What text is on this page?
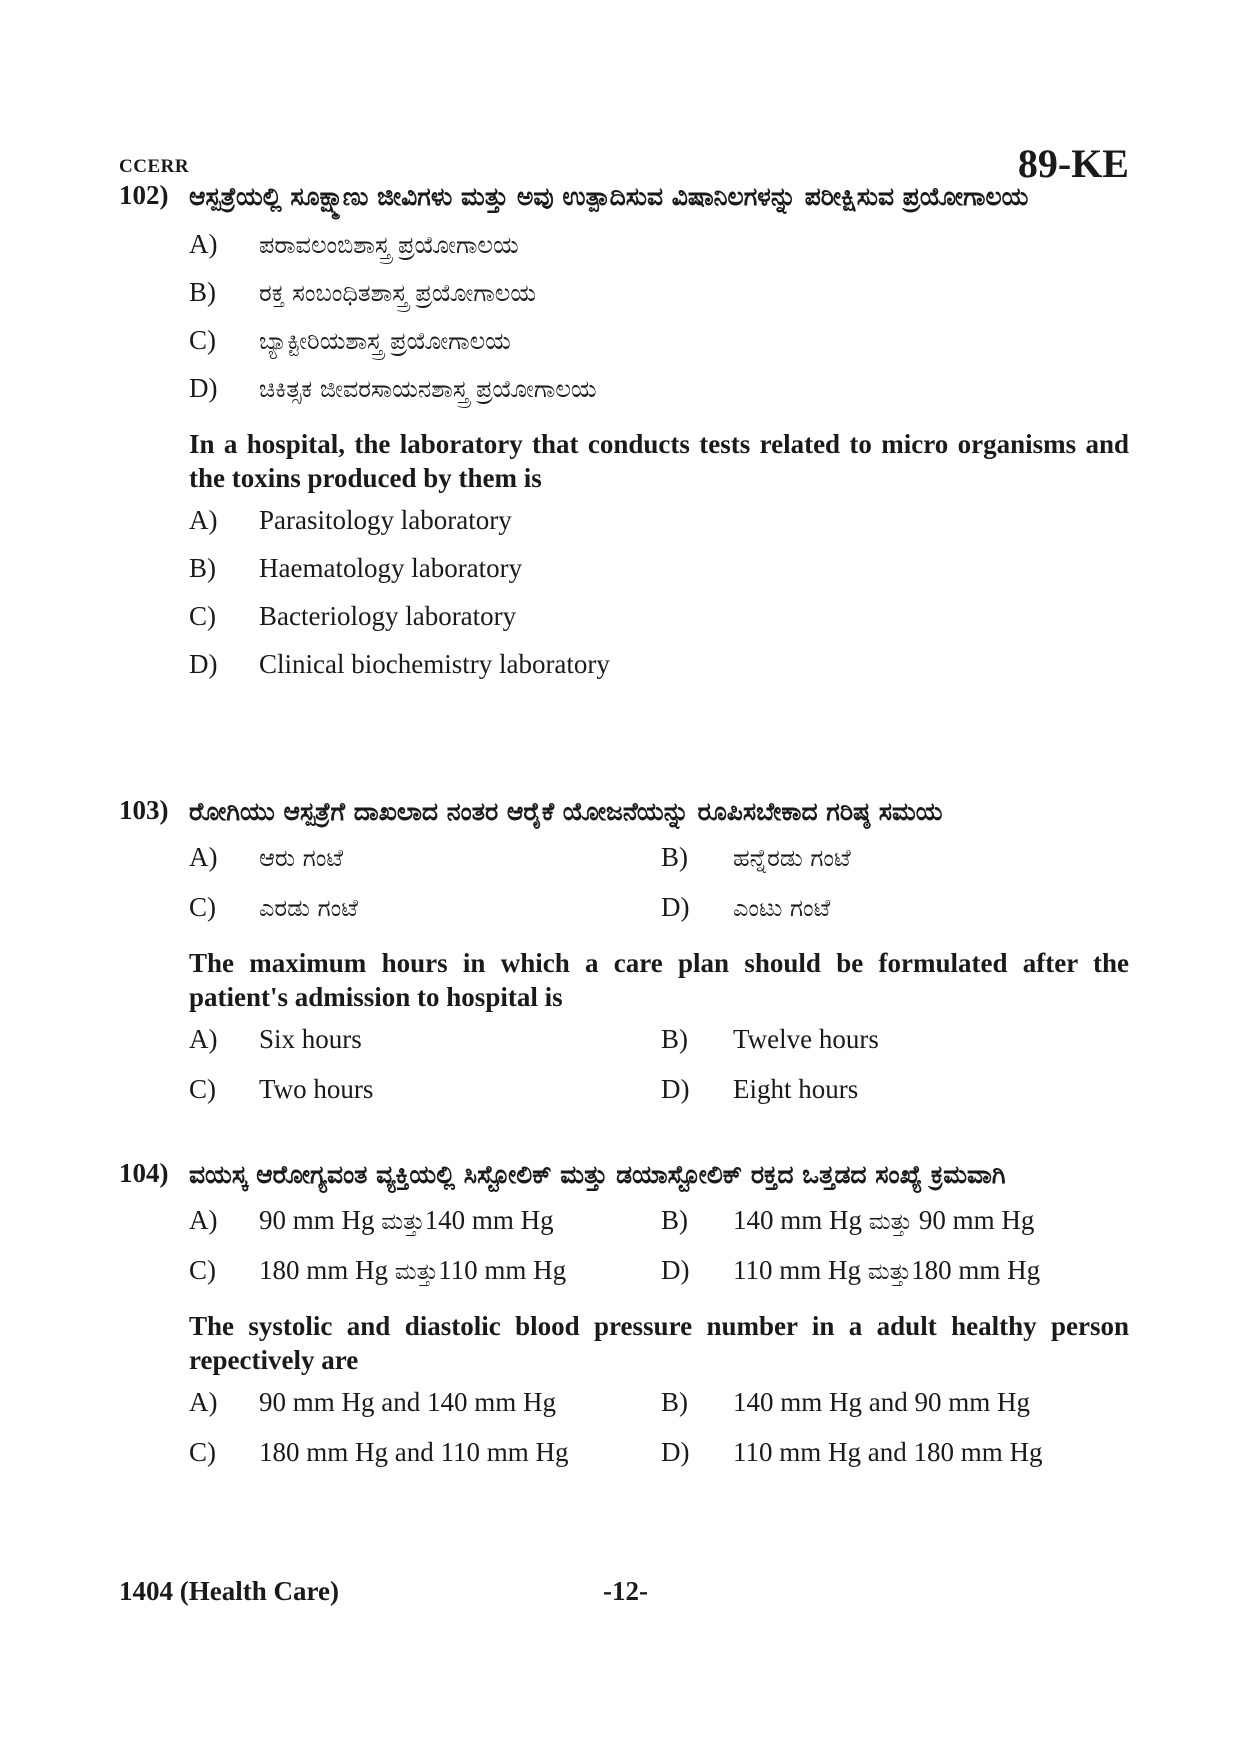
CCERR	89-KE
102) ಆಸ್ಪತ್ರೆಯಲ್ಲಿ ಸೂಕ್ಷ್ಮಾಣು ಜೀವಿಗಳು ಮತ್ತು ಅವು ಉತ್ಪಾದಿಸುವ ವಿಷಾನಿಲಗಳನ್ನು ಪರೀಕ್ಷಿಸುವ ಪ್ರಯೋಗಾಲಯ
A) ಪರಾವಲಂಬಿಶಾಸ್ತ್ರ ಪ್ರಯೋಗಾಲಯ
B) ರಕ್ತ ಸಂಬಂಧಿತಶಾಸ್ತ್ರ ಪ್ರಯೋಗಾಲಯ
C) ಬ್ಯಾಕ್ಟೀರಿಯಶಾಸ್ತ್ರ ಪ್ರಯೋಗಾಲಯ
D) ಚಿಕಿತ್ಸಕ ಜೀವರಸಾಯನಶಾಸ್ತ್ರ ಪ್ರಯೋಗಾಲಯ
In a hospital, the laboratory that conducts tests related to micro organisms and the toxins produced by them is
A) Parasitology laboratory
B) Haematology laboratory
C) Bacteriology laboratory
D) Clinical biochemistry laboratory
103) ರೋಗಿಯು ಆಸ್ಪತ್ರೆಗೆ ದಾಖಲಾದ ನಂತರ ಆರೈಕೆ ಯೋಜನೆಯನ್ನು ರೂಪಿಸಬೇಕಾದ ಗರಿಷ್ಠ ಸಮಯ
A) ಆರು ಗಂಟೆ	B) ಹನ್ನೆರಡು ಗಂಟೆ
C) ಎರಡು ಗಂಟೆ	D) ಎಂಟು ಗಂಟೆ
The maximum hours in which a care plan should be formulated after the patient's admission to hospital is
A) Six hours	B) Twelve hours
C) Two hours	D) Eight hours
104) ವಯಸ್ಕ ಆರೋಗ್ಯವಂತ ವ್ಯಕ್ತಿಯಲ್ಲಿ ಸಿಸ್ಟೋಲಿಕ್ ಮತ್ತು ಡಯಾಸ್ಟೋಲಿಕ್ ರಕ್ತದ ಒತ್ತಡದ ಸಂಖ್ಯೆ ಕ್ರಮವಾಗಿ
A) 90 mm Hg ಮತ್ತು140 mm Hg	B) 140 mm Hg ಮತ್ತು 90 mm Hg
C) 180 mm Hg ಮತ್ತು110 mm Hg	D) 110 mm Hg ಮತ್ತು180 mm Hg
The systolic and diastolic blood pressure number in a adult healthy person repectively are
A) 90 mm Hg and 140 mm Hg	B) 140 mm Hg and 90 mm Hg
C) 180 mm Hg and 110 mm Hg	D) 110 mm Hg and 180 mm Hg
1404 (Health Care)	-12-
